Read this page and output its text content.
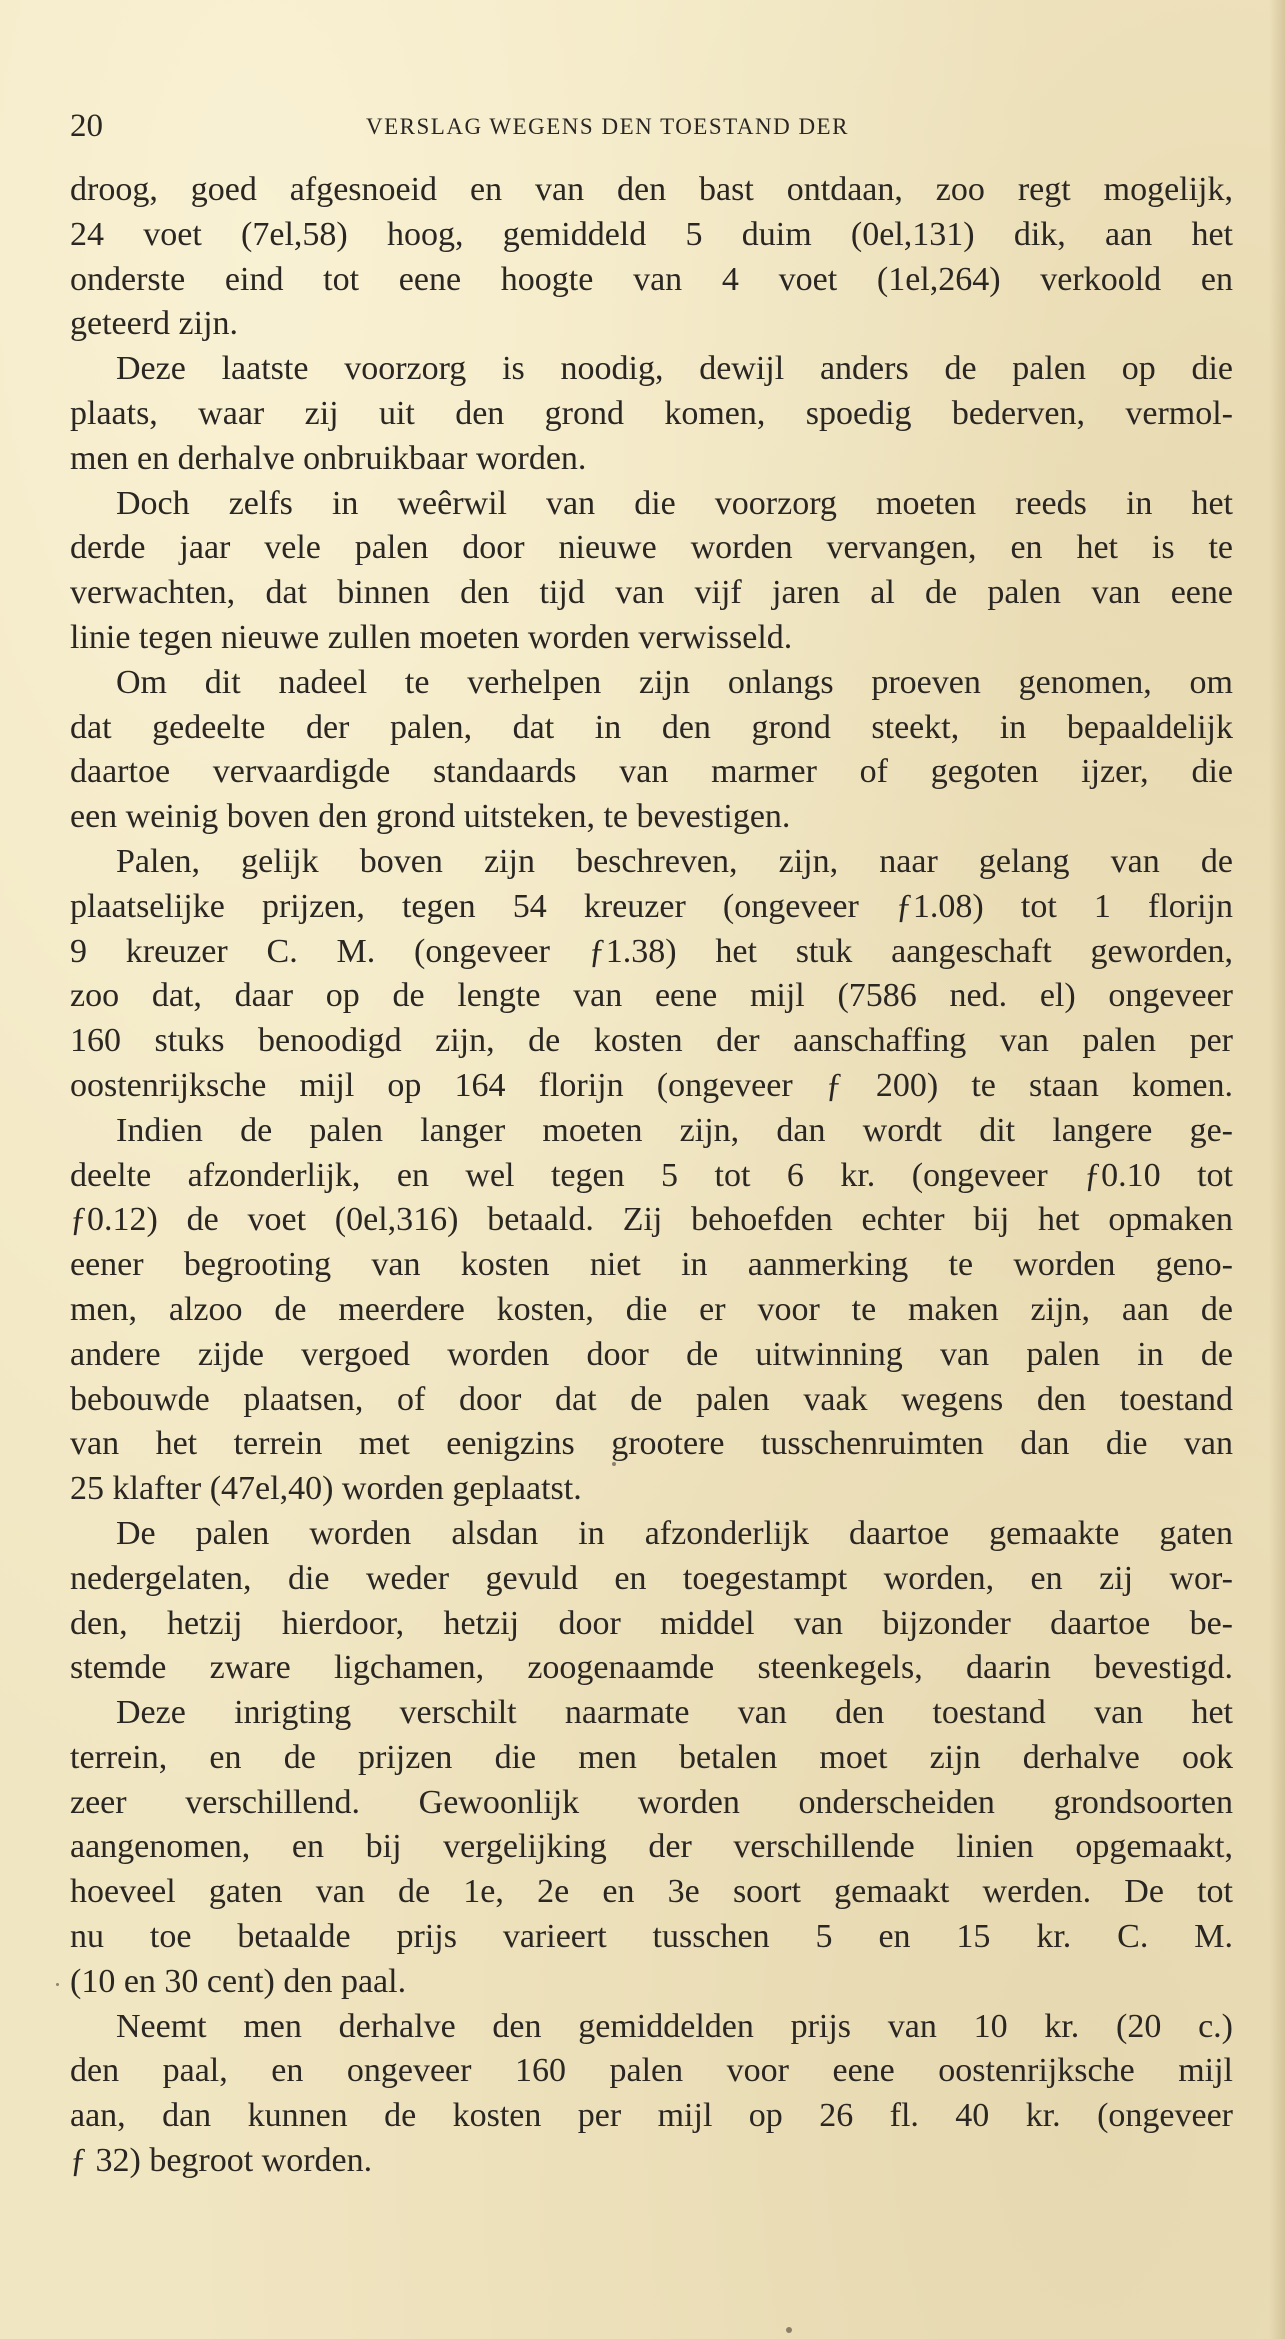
20	VERSLAG WEGENS DEN TOESTAND DER
droog, goed afgesnoeid en van den bast ontdaan, zoo regt mogelijk,
24 voet (7el,58) hoog, gemiddeld 5 duim (0el,131) dik, aan het
onderste eind tot eene hoogte van 4 voet (1el,264) verkoold en
geteerd zijn.
Deze laatste voorzorg is noodig, dewijl anders de palen op die
plaats, waar zij uit den grond komen, spoedig bederven, vermol-
men en derhalve onbruikbaar worden.
Doch zelfs in weêrwil van die voorzorg moeten reeds in het
derde jaar vele palen door nieuwe worden vervangen, en het is te
verwachten, dat binnen den tijd van vijf jaren al de palen van eene
linie tegen nieuwe zullen moeten worden verwisseld.
Om dit nadeel te verhelpen zijn onlangs proeven genomen, om
dat gedeelte der palen, dat in den grond steekt, in bepaaldelijk
daartoe vervaardigde standaards van marmer of gegoten ijzer, die
een weinig boven den grond uitsteken, te bevestigen.
Palen, gelijk boven zijn beschreven, zijn, naar gelang van de
plaatselijke prijzen, tegen 54 kreuzer (ongeveer ƒ1.08) tot 1 florijn
9 kreuzer C. M. (ongeveer ƒ1.38) het stuk aangeschaft geworden,
zoo dat, daar op de lengte van eene mijl (7586 ned. el) ongeveer
160 stuks benoodigd zijn, de kosten der aanschaffing van palen per
oostenrijksche mijl op 164 florijn (ongeveer ƒ 200) te staan komen.
Indien de palen langer moeten zijn, dan wordt dit langere ge-
deelte afzonderlijk, en wel tegen 5 tot 6 kr. (ongeveer ƒ0.10 tot
ƒ0.12) de voet (0el,316) betaald. Zij behoefden echter bij het opmaken
eener begrooting van kosten niet in aanmerking te worden geno-
men, alzoo de meerdere kosten, die er voor te maken zijn, aan de
andere zijde vergoed worden door de uitwinning van palen in de
bebouwde plaatsen, of door dat de palen vaak wegens den toestand
van het terrein met eenigzins grootere tusschenruimten dan die van
25 klafter (47el,40) worden geplaatst.
De palen worden alsdan in afzonderlijk daartoe gemaakte gaten
nedergelaten, die weder gevuld en toegestampt worden, en zij wor-
den, hetzij hierdoor, hetzij door middel van bijzonder daartoe be-
stemde zware ligchamen, zoogenaamde steenkegels, daarin bevestigd.
Deze inrigting verschilt naarmate van den toestand van het
terrein, en de prijzen die men betalen moet zijn derhalve ook
zeer verschillend. Gewoonlijk worden onderscheiden grondsoorten
aangenomen, en bij vergelijking der verschillende linien opgemaakt,
hoeveel gaten van de 1e, 2e en 3e soort gemaakt werden. De tot
nu toe betaalde prijs varieert tusschen 5 en 15 kr. C. M.
(10 en 30 cent) den paal.
Neemt men derhalve den gemiddelden prijs van 10 kr. (20 c.)
den paal, en ongeveer 160 palen voor eene oostenrijksche mijl
aan, dan kunnen de kosten per mijl op 26 fl. 40 kr. (ongeveer
ƒ 32) begroot worden.
